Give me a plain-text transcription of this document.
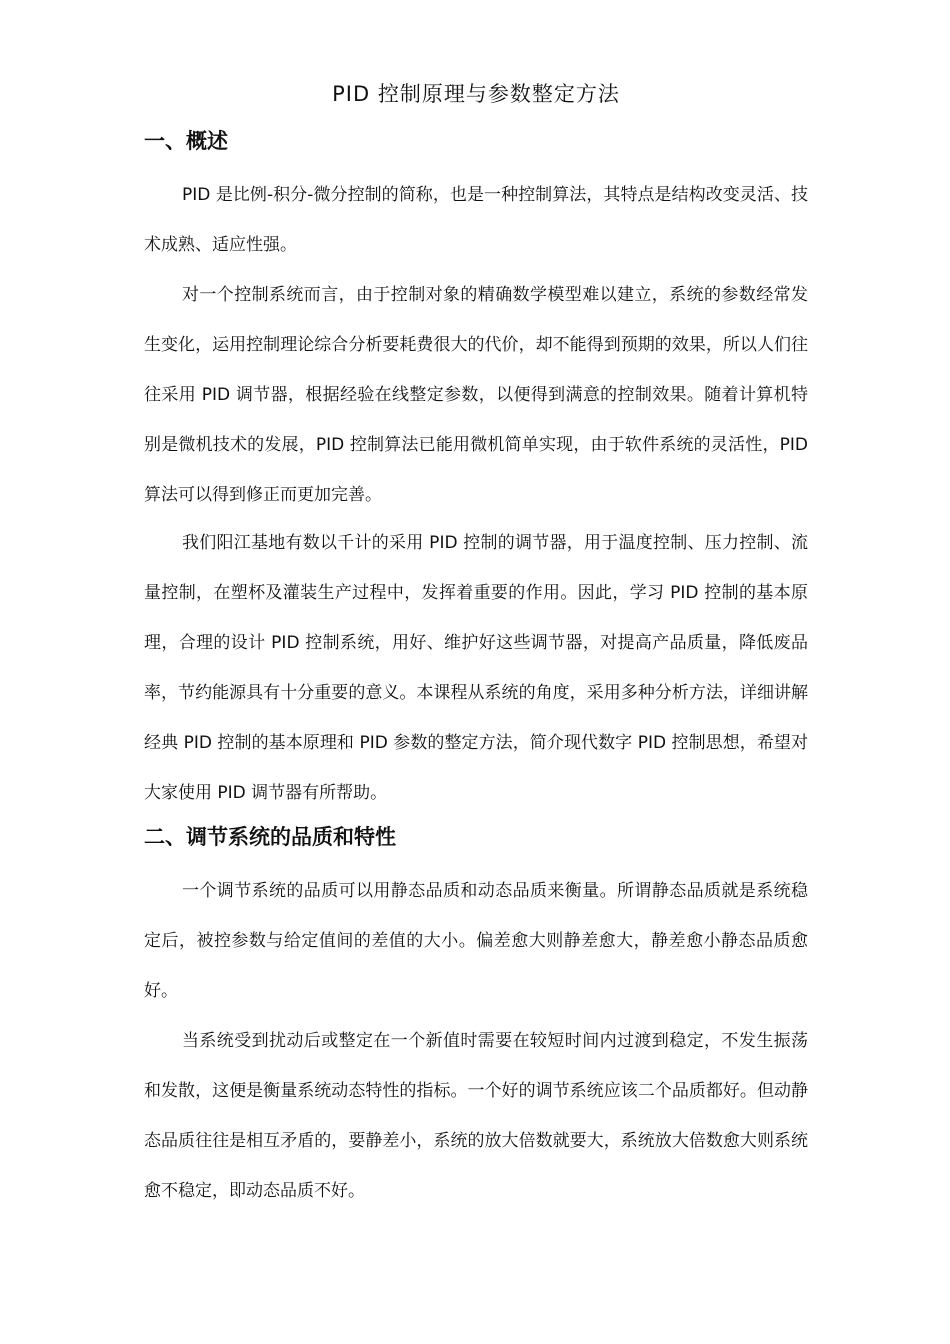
PID 控制原理与参数整定方法
一、概述

PID 是比例-积分-微分控制的简称，也是一种控制算法，其特点是结构改变灵活、技术成熟、适应性强。

对一个控制系统而言，由于控制对象的精确数学模型难以建立，系统的参数经常发生变化，运用控制理论综合分析要耗费很大的代价，却不能得到预期的效果，所以人们往往采用 PID 调节器，根据经验在线整定参数，以便得到满意的控制效果。随着计算机特别是微机技术的发展，PID 控制算法已能用微机简单实现，由于软件系统的灵活性，PID 算法可以得到修正而更加完善。

我们阳江基地有数以千计的采用 PID 控制的调节器，用于温度控制、压力控制、流量控制，在塑杯及灌装生产过程中，发挥着重要的作用。因此，学习 PID 控制的基本原理，合理的设计 PID 控制系统，用好、维护好这些调节器，对提高产品质量，降低废品率，节约能源具有十分重要的意义。本课程从系统的角度，采用多种分析方法，详细讲解经典 PID 控制的基本原理和 PID 参数的整定方法，简介现代数字 PID 控制思想，希望对大家使用 PID 调节器有所帮助。

二、调节系统的品质和特性

一个调节系统的品质可以用静态品质和动态品质来衡量。所谓静态品质就是系统稳定后，被控参数与给定值间的差值的大小。偏差愈大则静差愈大，静差愈小静态品质愈好。

当系统受到扰动后或整定在一个新值时需要在较短时间内过渡到稳定，不发生振荡和发散，这便是衡量系统动态特性的指标。一个好的调节系统应该二个品质都好。但动静态品质往往是相互矛盾的，要静差小，系统的放大倍数就要大，系统放大倍数愈大则系统愈不稳定，即动态品质不好。
